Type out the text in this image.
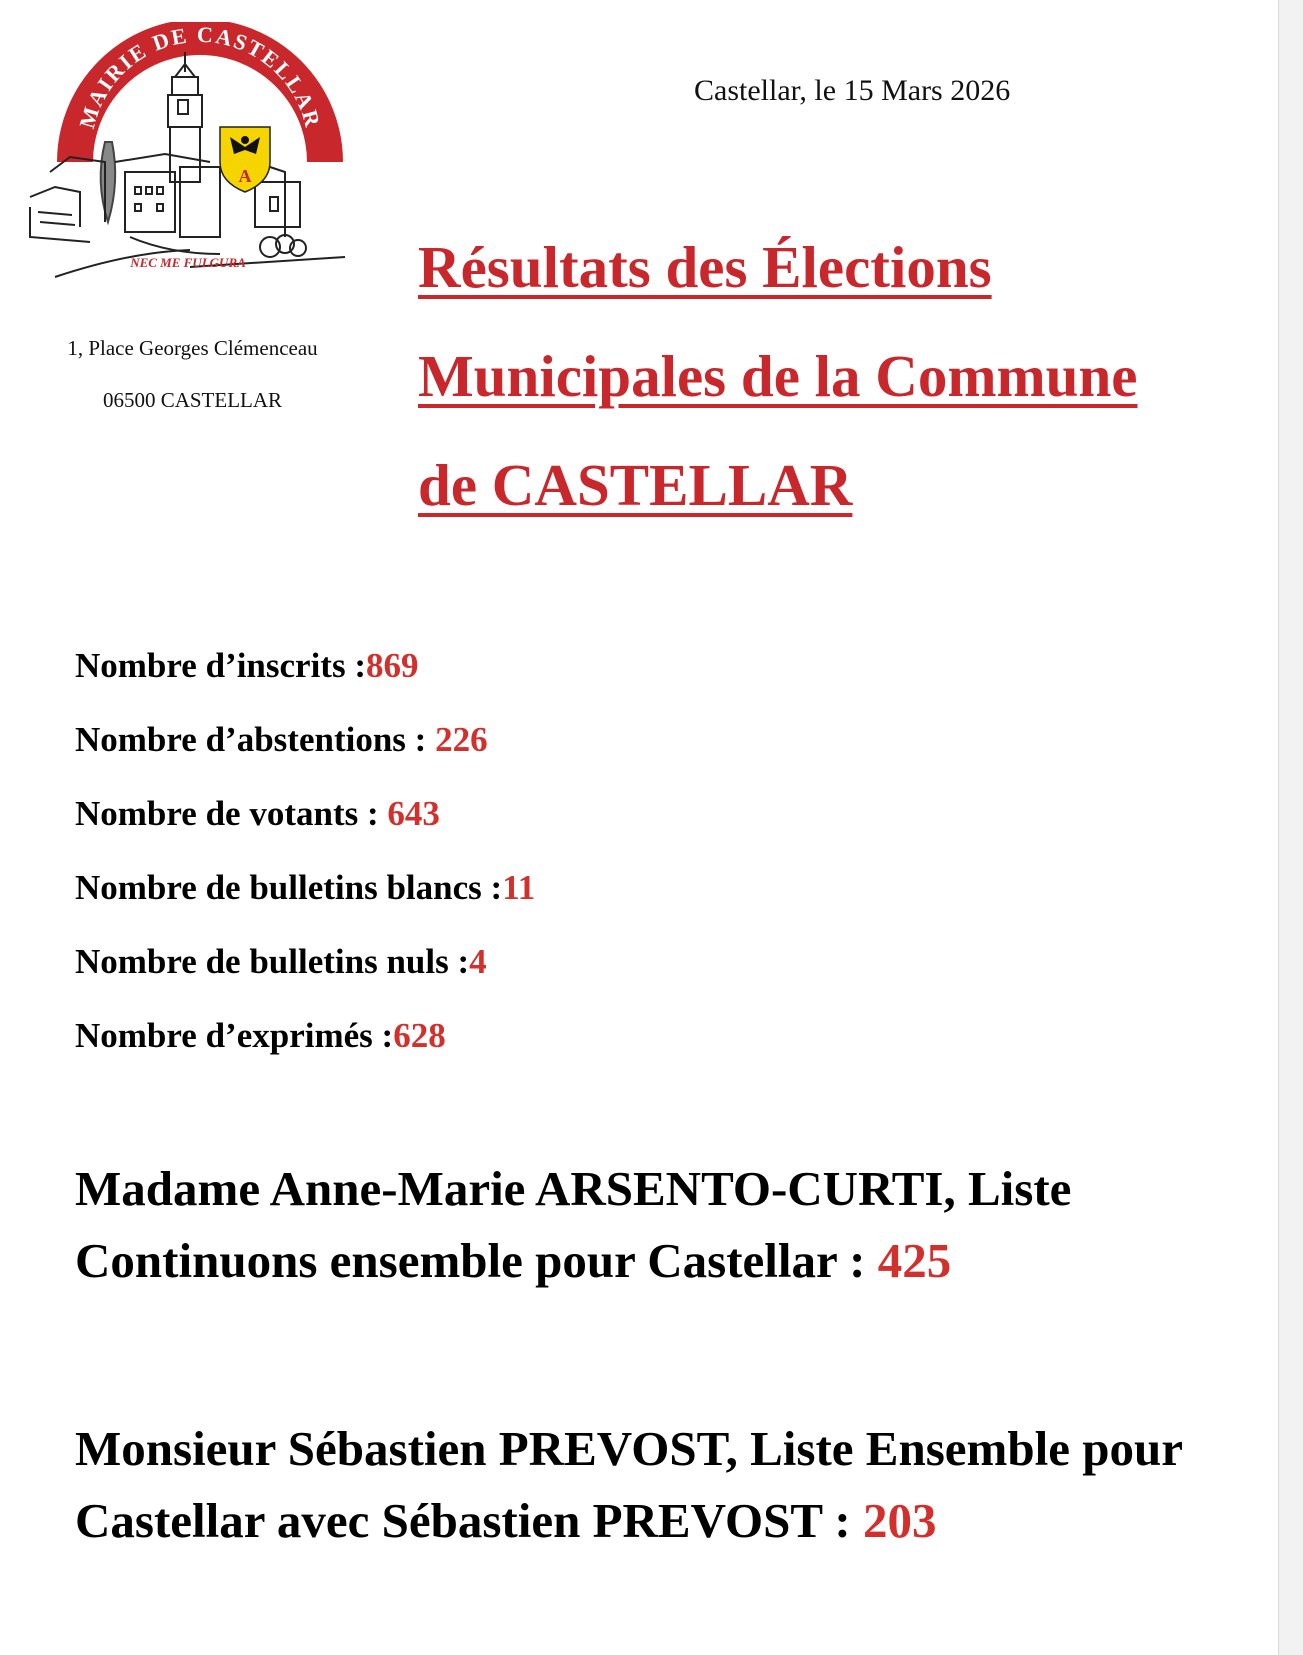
MAIRIE DE CASTELLAR
A
NEC ME FULGURA
1, Place Georges Clémenceau
06500 CASTELLAR
Castellar, le 15 Mars 2026
Résultats des Élections
Municipales de la Commune
de CASTELLAR
Nombre d’inscrits :869
Nombre d’abstentions : 226
Nombre de votants : 643
Nombre de bulletins blancs :11
Nombre de bulletins nuls :4
Nombre d’exprimés :628
Madame Anne-Marie ARSENTO-CURTI, Liste Continuons ensemble pour Castellar : 425
Monsieur Sébastien PREVOST, Liste Ensemble pour Castellar avec Sébastien PREVOST : 203
